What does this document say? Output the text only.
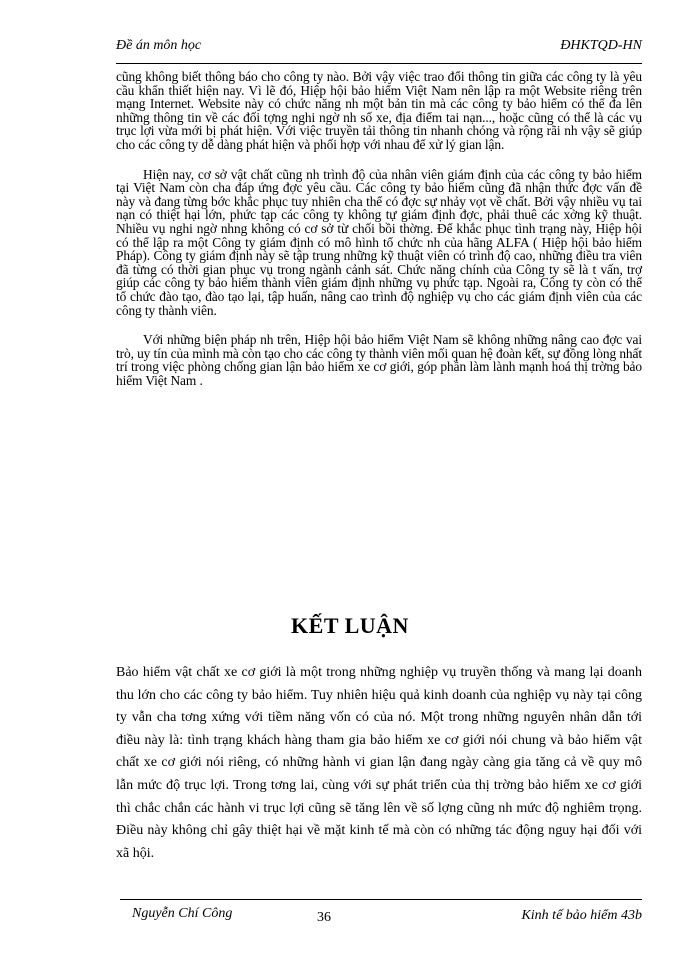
Đề án môn học	ĐHKTQD-HN

cũng không biết thông báo cho công ty nào. Bởi vậy việc trao đổi thông tin giữa các công ty là yêu cầu khẩn thiết hiện nay. Vì lẽ đó, Hiệp hội bảo hiểm Việt Nam nên lập ra một Website riêng trên mạng Internet. Website này có chức năng nh một bản tin mà các công ty bảo hiểm có thể đa lên những thông tin về các đối tợng nghi ngờ nh số xe, địa điểm tai nạn..., hoặc cũng có thể là các vụ trục lợi vừa mới bị phát hiện. Với việc truyền tải thông tin nhanh chóng và rộng rãi nh vậy sẽ giúp cho các công ty dễ dàng phát hiện và phối hợp với nhau để xử lý gian lận.

Hiện nay, cơ sở vật chất cũng nh trình độ của nhân viên giám định của các công ty bảo hiểm tại Việt Nam còn cha đáp ứng đợc yêu cầu. Các công ty bảo hiểm cũng đã nhận thức đợc vấn đề này và đang từng bớc khắc phục tuy nhiên cha thể có đợc sự nhảy vọt về chất. Bởi vậy nhiều vụ tai nạn có thiệt hại lớn, phức tạp các công ty không tự giám định đợc, phải thuê các xởng kỹ thuật. Nhiều vụ nghi ngờ nhng không có cơ sở từ chối bồi thờng. Để khắc phục tình trạng này, Hiệp hội có thể lập ra một Công ty giám định có mô hình tổ chức nh của hãng ALFA ( Hiệp hội bảo hiểm Pháp). Công ty giám định này sẽ tập trung những kỹ thuật viên có trình độ cao, những điều tra viên đã từng có thời gian phục vụ trong ngành cảnh sát. Chức năng chính của Công ty sẽ là t vấn, trợ giúp các công ty bảo hiểm thành viên giám định những vụ phức tạp. Ngoài ra, Công ty còn có thể tổ chức đào tạo, đào tạo lại, tập huấn, nâng cao trình độ nghiệp vụ cho các giám định viên của các công ty thành viên.

Với những biện pháp nh trên, Hiệp hội bảo hiểm Việt Nam sẽ không những nâng cao đợc vai trò, uy tín của mình mà còn tạo cho các công ty thành viên mối quan hệ đoàn kết, sự đồng lòng nhất trí trong việc phòng chống gian lận bảo hiểm xe cơ giới, góp phần làm lành mạnh hoá thị trờng bảo hiểm Việt Nam .

KẾT LUẬN

Bảo hiểm vật chất xe cơ giới là một trong những nghiệp vụ truyền thống và mang lại doanh thu lớn cho các công ty bảo hiểm. Tuy nhiên hiệu quả kinh doanh của nghiệp vụ này tại công ty vẫn cha tơng xứng với tiềm năng vốn có của nó. Một trong những nguyên nhân dẫn tới điều này là: tình trạng khách hàng tham gia bảo hiểm xe cơ giới nói chung và bảo hiểm vật chất xe cơ giới nói riêng, có những hành vi gian lận đang ngày càng gia tăng cả về quy mô lẫn mức độ trục lợi. Trong tơng lai, cùng với sự phát triển của thị trờng bảo hiểm xe cơ giới thì chắc chắn các hành vi trục lợi cũng sẽ tăng lên về số lợng cũng nh mức độ nghiêm trọng. Điều này không chỉ gây thiệt hại về mặt kinh tế mà còn có những tác động nguy hại đối với xã hội.

Nguyễn Chí Công	36	Kinh tế bảo hiểm 43b
